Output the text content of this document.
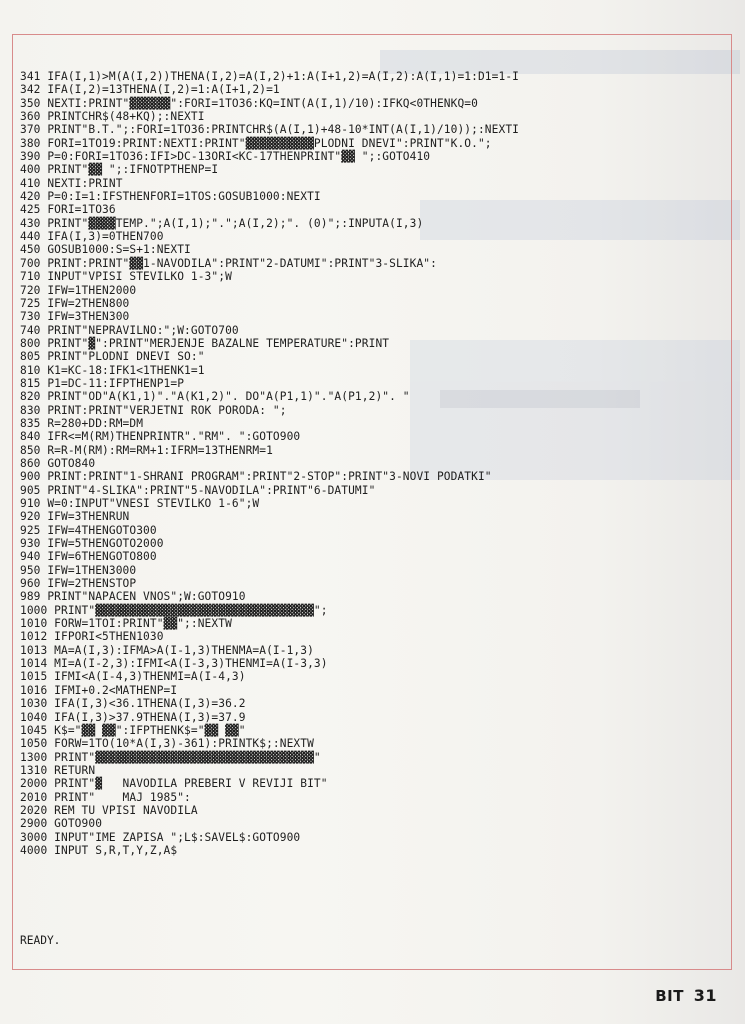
341 IFA(I,1)>M(A(I,2))THENA(I,2)=A(I,2)+1:A(I+1,2)=A(I,2):A(I,1)=1:D1=1-I
342 IFA(I,2)=13THENA(I,2)=1:A(I+1,2)=1
350 NEXTI:PRINT"▓▓▓▓▓▓":FORI=1TO36:KQ=INT(A(I,1)/10):IFKQ<0THENKQ=0
360 PRINTCHR$(48+KQ);:NEXTI
370 PRINT"B.T.";:FORI=1TO36:PRINTCHR$(A(I,1)+48-10*INT(A(I,1)/10));:NEXTI
380 FORI=1TO19:PRINT:NEXTI:PRINT"▓▓▓▓▓▓▓▓▓▓PLODNI DNEVI":PRINT"K.O.";
390 P=0:FORI=1TO36:IFI>DC-13ORI<KC-17THENPRINT"▓▓ ";:GOTO410
400 PRINT"▓▓ ";:IFNOTPTHENP=I
410 NEXTI:PRINT
420 P=0:I=1:IFSTHENFORI=1TOS:GOSUB1000:NEXTI
425 FORI=1TO36
430 PRINT"▓▓▓▓TEMP.";A(I,1);".";A(I,2);". (0)";:INPUTA(I,3)
440 IFA(I,3)=0THEN700
450 GOSUB1000:S=S+1:NEXTI
700 PRINT:PRINT"▓▓1-NAVODILA":PRINT"2-DATUMI":PRINT"3-SLIKA":
710 INPUT"VPISI STEVILKO 1-3";W
720 IFW=1THEN2000
725 IFW=2THEN800
730 IFW=3THEN300
740 PRINT"NEPRAVILNO:";W:GOTO700
800 PRINT"▓":PRINT"MERJENJE BAZALNE TEMPERATURE":PRINT
805 PRINT"PLODNI DNEVI SO:"
810 K1=KC-18:IFK1<1THENK1=1
815 P1=DC-11:IFPTHENP1=P
820 PRINT"OD"A(K1,1)"."A(K1,2)". DO"A(P1,1)"."A(P1,2)". "
830 PRINT:PRINT"VERJETNI ROK PORODA: ";
835 R=280+DD:RM=DM
840 IFR<=M(RM)THENPRINTR"."RM". ":GOTO900
850 R=R-M(RM):RM=RM+1:IFRM=13THENRM=1
860 GOTO840
900 PRINT:PRINT"1-SHRANI PROGRAM":PRINT"2-STOP":PRINT"3-NOVI PODATKI"
905 PRINT"4-SLIKA":PRINT"5-NAVODILA":PRINT"6-DATUMI"
910 W=0:INPUT"VNESI STEVILKO 1-6";W
920 IFW=3THENRUN
925 IFW=4THENGOTO300
930 IFW=5THENGOTO2000
940 IFW=6THENGOTO800
950 IFW=1THEN3000
960 IFW=2THENSTOP
989 PRINT"NAPACEN VNOS";W:GOTO910
1000 PRINT"▓▓▓▓▓▓▓▓▓▓▓▓▓▓▓▓▓▓▓▓▓▓▓▓▓▓▓▓▓▓▓▓";
1010 FORW=1TOI:PRINT"▓▓";:NEXTW
1012 IFPORI<5THEN1030
1013 MA=A(I,3):IFMA>A(I-1,3)THENMA=A(I-1,3)
1014 MI=A(I-2,3):IFMI<A(I-3,3)THENMI=A(I-3,3)
1015 IFMI<A(I-4,3)THENMI=A(I-4,3)
1016 IFMI+0.2<MATHENP=I
1030 IFA(I,3)<36.1THENA(I,3)=36.2
1040 IFA(I,3)>37.9THENA(I,3)=37.9
1045 K$="▓▓ ▓▓":IFPTHENK$="▓▓ ▓▓"
1050 FORW=1TO(10*A(I,3)-361):PRINTK$;:NEXTW
1300 PRINT"▓▓▓▓▓▓▓▓▓▓▓▓▓▓▓▓▓▓▓▓▓▓▓▓▓▓▓▓▓▓▓▓"
1310 RETURN
2000 PRINT"▓   NAVODILA PREBERI V REVIJI BIT"
2010 PRINT"    MAJ 1985":
2020 REM TU VPISI NAVODILA
2900 GOTO900
3000 INPUT"IME ZAPISA ";L$:SAVEL$:GOTO900
4000 INPUT S,R,T,Y,Z,A$
READY.
BIT 31
